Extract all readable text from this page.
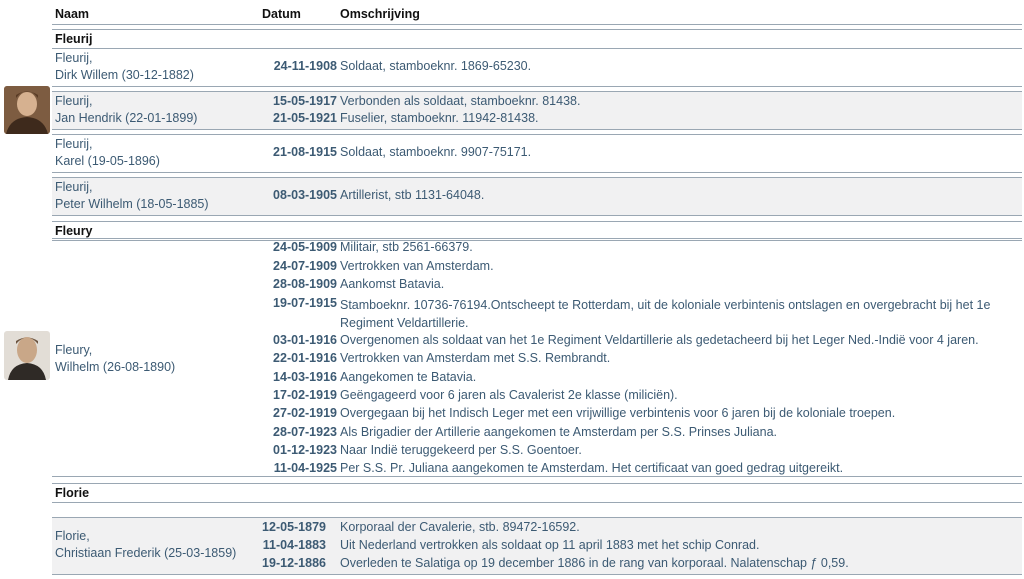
Naam	Datum	Omschrijving
Fleurij
Fleurij,
Dirk Willem (30-12-1882)
24-11-1908 Soldaat, stamboeknr. 1869-65230.
Fleurij,
Jan Hendrik (22-01-1899)
15-05-1917 Verbonden als soldaat, stamboeknr. 81438.
21-05-1921 Fuselier, stamboeknr. 11942-81438.
Fleurij,
Karel (19-05-1896)
21-08-1915 Soldaat, stamboeknr. 9907-75171.
Fleurij,
Peter Wilhelm (18-05-1885)
08-03-1905 Artillerist, stb 1131-64048.
Fleury
Fleury,
Wilhelm (26-08-1890)
24-05-1909 Militair, stb 2561-66379.
24-07-1909 Vertrokken van Amsterdam.
28-08-1909 Aankomst Batavia.
19-07-1915 Stamboeknr. 10736-76194.Ontscheept te Rotterdam, uit de koloniale verbintenis ontslagen en overgebracht bij het 1e Regiment Veldartillerie.
03-01-1916 Overgenomen als soldaat van het 1e Regiment Veldartillerie als gedetacheerd bij het Leger Ned.-Indië voor 4 jaren.
22-01-1916 Vertrokken van Amsterdam met S.S. Rembrandt.
14-03-1916 Aangekomen te Batavia.
17-02-1919 Geëngageerd voor 6 jaren als Cavalerist 2e klasse (miliciën).
27-02-1919 Overgegaan bij het Indisch Leger met een vrijwillige verbintenis voor 6 jaren bij de koloniale troepen.
28-07-1923 Als Brigadier der Artillerie aangekomen te Amsterdam per S.S. Prinses Juliana.
01-12-1923 Naar Indië teruggekeerd per S.S. Goentoer.
11-04-1925 Per S.S. Pr. Juliana aangekomen te Amsterdam. Het certificaat van goed gedrag uitgereikt.
Florie
Florie,
Christiaan Frederik (25-03-1859)
12-05-1879 Korporaal der Cavalerie, stb. 89472-16592.
11-04-1883 Uit Nederland vertrokken als soldaat op 11 april 1883 met het schip Conrad.
19-12-1886 Overleden te Salatiga op 19 december 1886 in de rang van korporaal. Nalatenschap ƒ 0,59.
